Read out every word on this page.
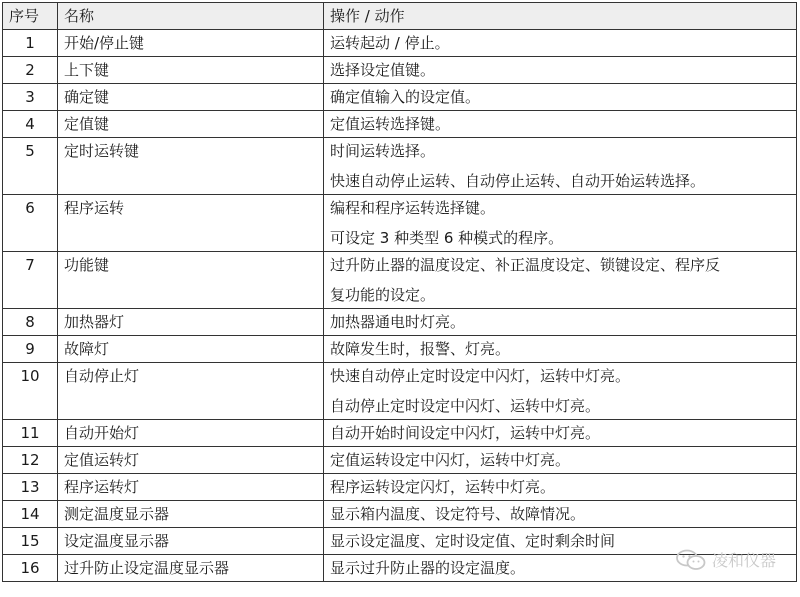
序号	名称	操作 / 动作
1	开始/停止键	运转起动 / 停止。

2	上下键	选择设定值键。

3	确定键	确定值输入的设定值。

4	定值键	定值运转选择键。

5	定时运转键	时间运转选择。
快速自动停止运转、自动停止运转、自动开始运转选择。

6	程序运转	编程和程序运转选择键。
可设定 3 种类型 6 种模式的程序。

7	功能键	过升防止器的温度设定、补正温度设定、锁键设定、程序反
复功能的设定。

8	加热器灯	加热器通电时灯亮。

9	故障灯	故障发生时，报警、灯亮。

10	自动停止灯	快速自动停止定时设定中闪灯，运转中灯亮。
自动停止定时设定中闪灯、运转中灯亮。

11	自动开始灯	自动开始时间设定中闪灯，运转中灯亮。

12	定值运转灯	定值运转设定中闪灯，运转中灯亮。

13	程序运转灯	程序运转设定闪灯，运转中灯亮。

14	测定温度显示器	显示箱内温度、设定符号、故障情况。

15	设定温度显示器	显示设定温度、定时设定值、定时剩余时间

16	过升防止设定温度显示器	显示过升防止器的设定温度。	凌和仪器
